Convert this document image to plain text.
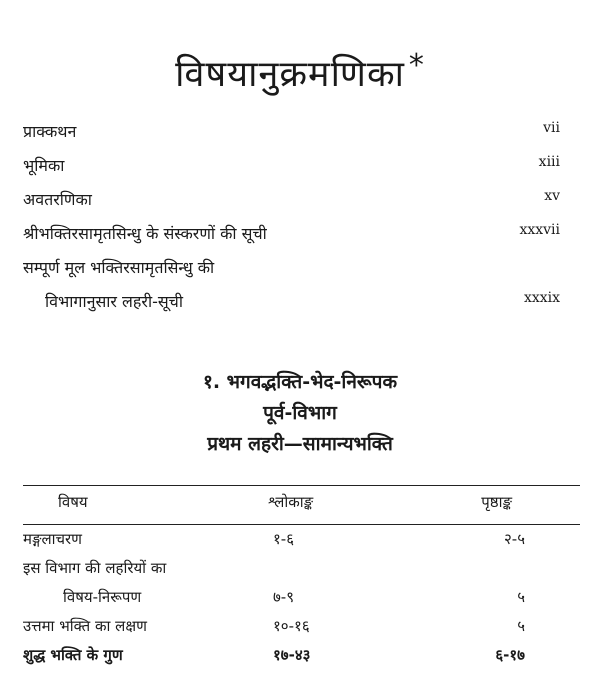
विषयानुक्रमणिका *
प्राक्कथन	vii
भूमिका	xiii
अवतरणिका	xv
श्रीभक्तिरसामृतसिन्धु के संस्करणों की सूची	xxxvii
सम्पूर्ण मूल भक्तिरसामृतसिन्धु की
विभागानुसार लहरी-सूची	xxxix
१. भगवद्भक्ति-भेद-निरूपक
पूर्व-विभाग
प्रथम लहरी—सामान्यभक्ति
विषय	श्लोकाङ्क	पृष्ठाङ्क
मङ्गलाचरण	१-६	२-५
इस विभाग की लहरियों का
विषय-निरूपण	७-९	५
उत्तमा भक्ति का लक्षण	१०-१६	५
शुद्ध भक्ति के गुण	१७-४३	६-१७
